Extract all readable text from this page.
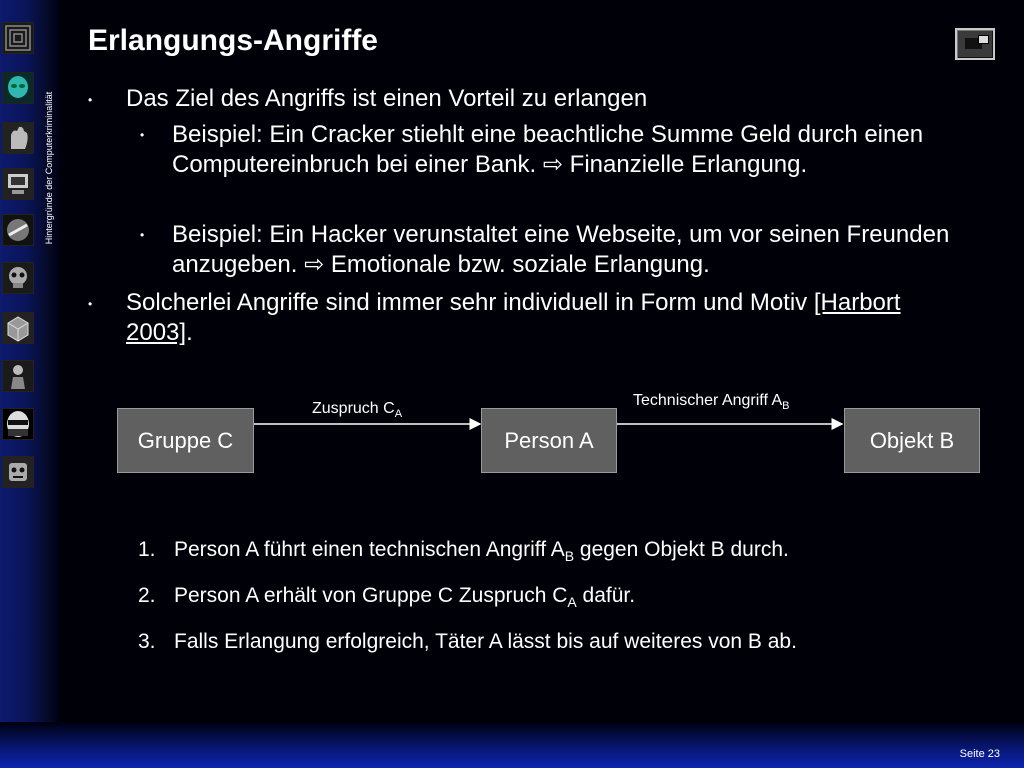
Hintergründe der Computerkriminalität
Seite 23
Erlangungs-Angriffe
• Das Ziel des Angriffs ist einen Vorteil zu erlangen

• Beispiel: Ein Cracker stiehlt eine beachtliche Summe Geld durch einen Computereinbruch bei einer Bank. ⇨ Finanzielle Erlangung.

• Beispiel: Ein Hacker verunstaltet eine Webseite, um vor seinen Freunden anzugeben. ⇨ Emotionale bzw. soziale Erlangung.

• Solcherlei Angriffe sind immer sehr individuell in Form und Motiv [Harbort 2003].

Gruppe C	Person A	Objekt B
Zuspruch $C_A$
Technischer Angriff $A_B$
1. Person A führt einen technischen Angriff $A_B$ gegen Objekt B durch.
2. Person A erhält von Gruppe C Zuspruch $C_A$ dafür.
3. Falls Erlangung erfolgreich, Täter A lässt bis auf weiteres von B ab.
